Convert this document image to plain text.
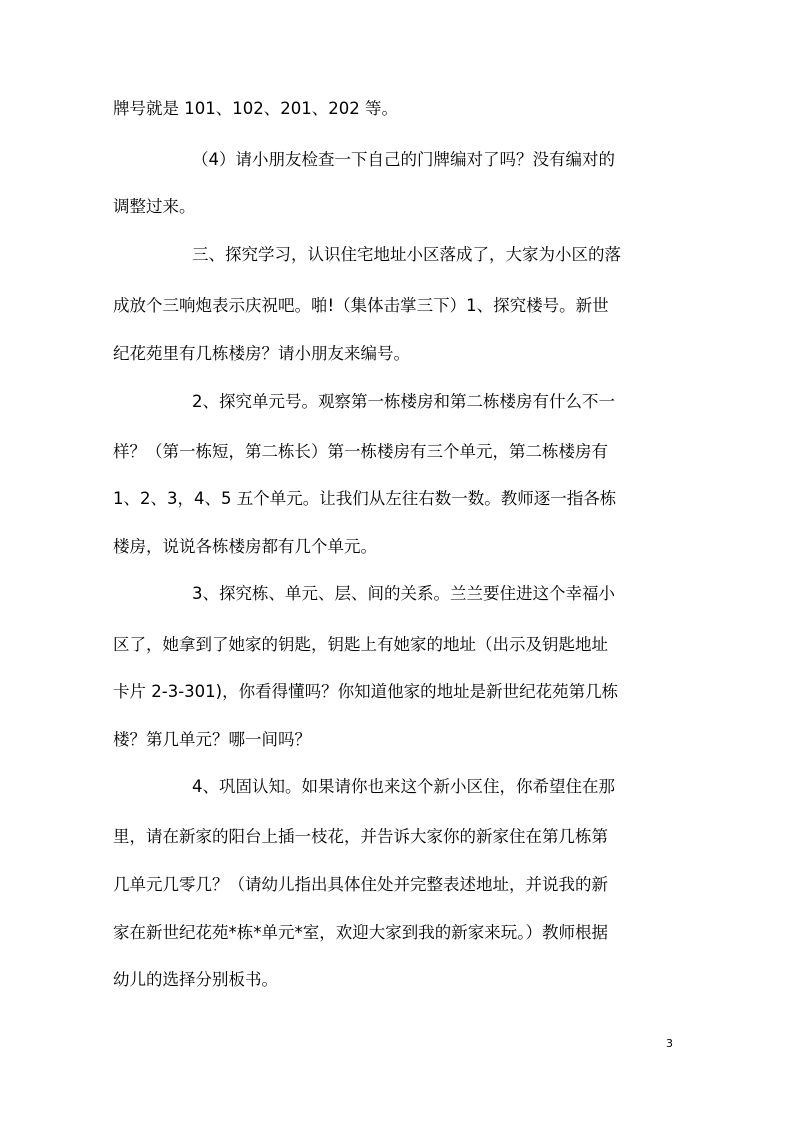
牌号就是 101、102、201、202 等。
（4）请小朋友检查一下自己的门牌编对了吗？没有编对的
调整过来。
三、探究学习，认识住宅地址小区落成了，大家为小区的落
成放个三响炮表示庆祝吧。啪!（集体击掌三下）1、探究楼号。新世
纪花苑里有几栋楼房？请小朋友来编号。
2、探究单元号。观察第一栋楼房和第二栋楼房有什么不一
样？（第一栋短，第二栋长）第一栋楼房有三个单元，第二栋楼房有
1、2、3，4、5 五个单元。让我们从左往右数一数。教师逐一指各栋
楼房，说说各栋楼房都有几个单元。
3、探究栋、单元、层、间的关系。兰兰要住进这个幸福小
区了，她拿到了她家的钥匙，钥匙上有她家的地址（出示及钥匙地址
卡片 2-3-301)，你看得懂吗？你知道他家的地址是新世纪花苑第几栋
楼？第几单元？哪一间吗？
4、巩固认知。如果请你也来这个新小区住，你希望住在那
里，请在新家的阳台上插一枝花，并告诉大家你的新家住在第几栋第
几单元几零几？（请幼儿指出具体住处并完整表述地址，并说我的新
家在新世纪花苑*栋*单元*室，欢迎大家到我的新家来玩。）教师根据
幼儿的选择分别板书。
3
